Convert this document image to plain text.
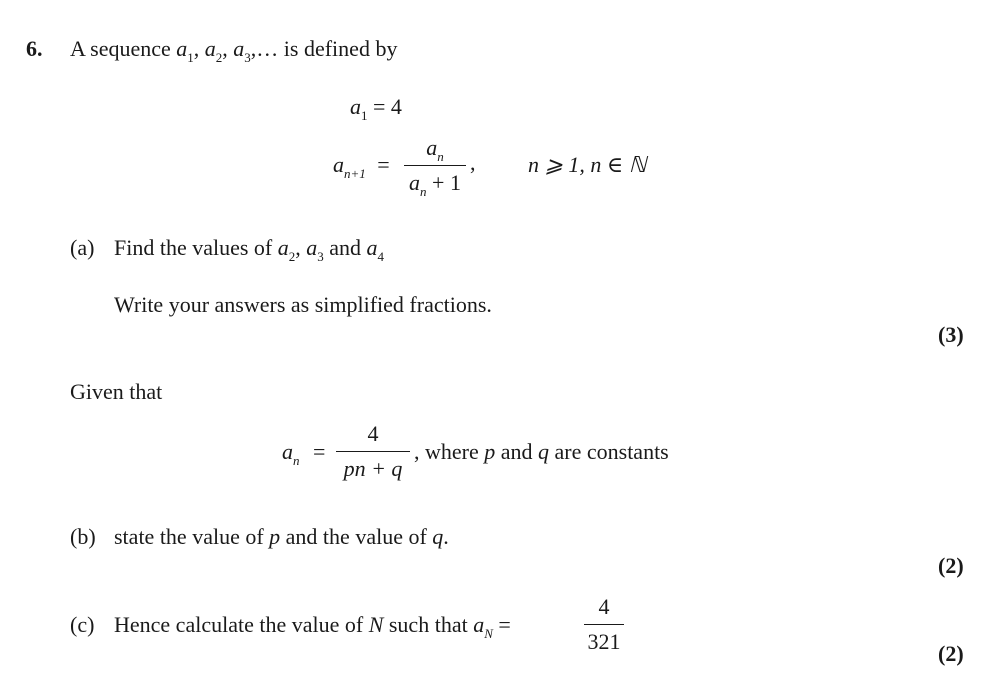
6. A sequence $a_1$, $a_2$, $a_3,\dots$ is defined by
$a_1 = 4$
$a_{n+1}$ =
$a_n$
$a_n + 1$
, n ⩾ 1, n ∈ ℕ
(a) Find the values of $a_2$, $a_3$ and $a_4$
Write your answers as simplified fractions.
(3)
Given that
$a_n$ =
4
pn + q
, where p and q are constants
(b) state the value of p and the value of q.
(2)
(c) Hence calculate the value of N such that $a_N$ =
4
321	(2)
